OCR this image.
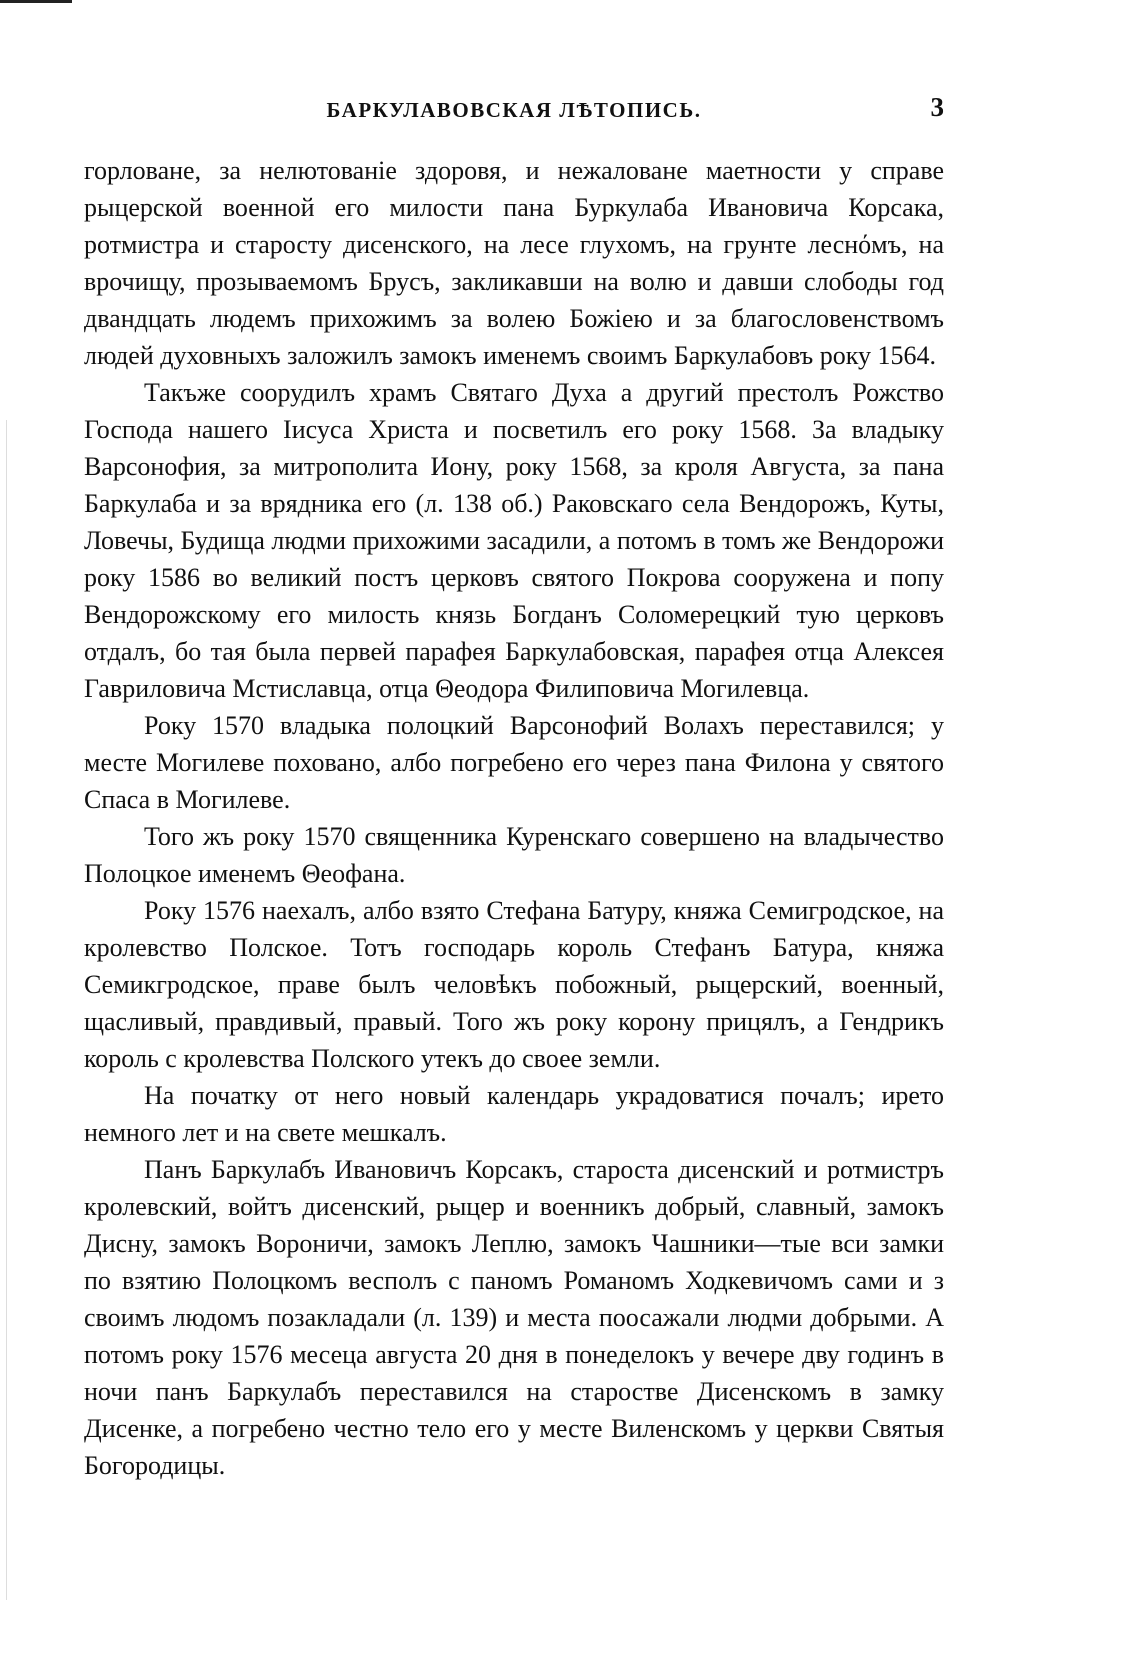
БАРКУЛАВОВСКАЯ ЛѢТОПИСЬ.	3

горловане, за нелютованіе здоровя, и нежаловане маетности у справе рыцерской военной его милости пана Буркулаба Ивановича Корсака, ротмистра и старосту дисенского, на лесе глухомъ, на грунте леснόмъ, на врочищу, прозываемомъ Брусъ, закликавши на волю и давши слободы год двандцать людемъ прихожимъ за волею Божіею и за благословенствомъ людей духовныхъ заложилъ замокъ именемъ своимъ Баркулабовъ року 1564.

Такъже соорудилъ храмъ Святаго Духа а другий престолъ Рожство Господа нашего Іисуса Христа и посветилъ его року 1568. За владыку Варсонофия, за митрополита Иону, року 1568, за кроля Августа, за пана Баркулаба и за врядника его (л. 138 об.) Раковскаго села Вендорожъ, Куты, Ловечы, Будища людми прихожими засадили, а потомъ в томъ же Вендорожи року 1586 во великий постъ церковъ святого Покрова сооружена и попу Вендорожскому его милость князь Богданъ Соломерецкий тую церковъ отдалъ, бо тая была первей парафея Баркулабовская, парафея отца Алексея Гавриловича Мстиславца, отца Θеодора Филиповича Могилевца.

Року 1570 владыка полоцкий Варсонофий Волахъ переставился; у месте Могилеве поховано, албо погребено его через пана Филона у святого Спаса в Могилеве.

Того жъ року 1570 священника Куренскаго совершено на владычество Полоцкое именемъ Θеофана.

Року 1576 наехалъ, албо взято Стефана Батуру, княжа Семигродское, на кролевство Полское. Тотъ господарь король Стефанъ Батура, княжа Семикгродское, праве былъ человѣкъ побожный, рыцерский, военный, щасливый, правдивый, правый. Того жъ року корону прицялъ, а Гендрикъ король с кролевства Полского утекъ до своее земли.

На початку от него новый календарь украдоватися почалъ; ирето немного лет и на свете мешкалъ.

Панъ Баркулабъ Ивановичъ Корсакъ, староста дисенский и ротмистръ кролевский, войтъ дисенский, рыцер и военникъ добрый, славный, замокъ Дисну, замокъ Вороничи, замокъ Леплю, замокъ Чашники—тые вси замки по взятию Полоцкомъ весполъ с паномъ Романомъ Ходкевичомъ сами и з своимъ людомъ позакладали (л. 139) и места поосажали людми добрыми. А потомъ року 1576 месеца августа 20 дня в понеделокъ у вечере дву годинъ в ночи панъ Баркулабъ переставился на старостве Дисенскомъ в замку Дисенке, а погребено честно тело его у месте Виленскомъ у церкви Святыя Богородицы.
